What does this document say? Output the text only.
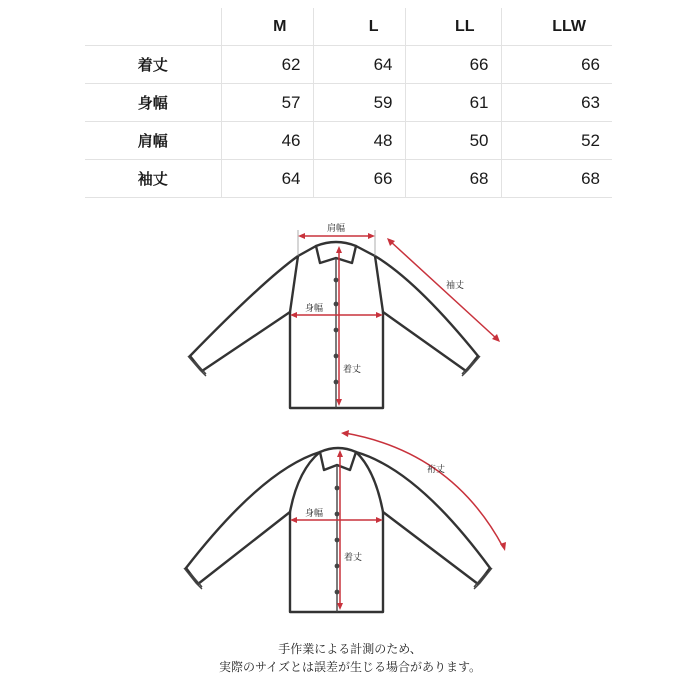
	M	L	LL	LLW
着丈	62	64	66	66
身幅	57	59	61	63
肩幅	46	48	50	52
袖丈	64	66	68	68
肩幅
身幅
着丈
袖丈
身幅
着丈
裄丈
手作業による計測のため、
実際のサイズとは誤差が生じる場合があります。
